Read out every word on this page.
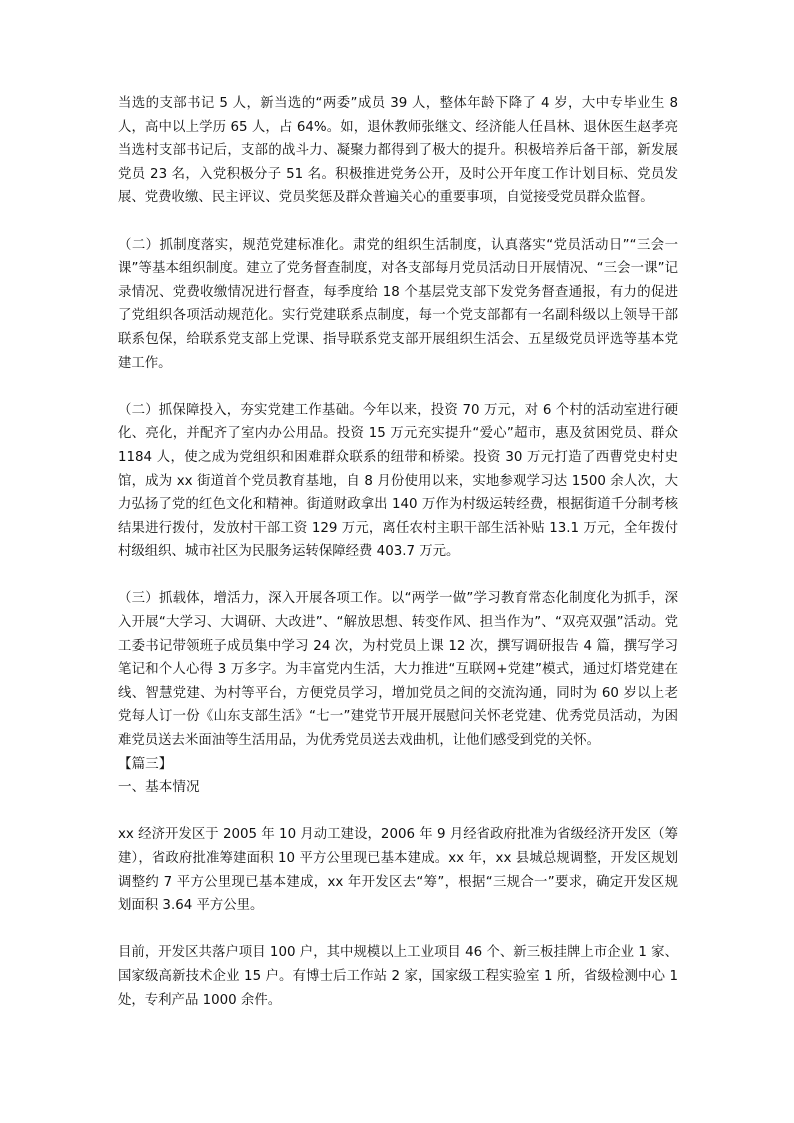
当选的支部书记 5 人，新当选的“两委”成员 39 人，整体年龄下降了 4 岁，大中专毕业生 8 人，高中以上学历 65 人，占 64%。如，退休教师张继文、经济能人任昌林、退休医生赵孝亮当选村支部书记后，支部的战斗力、凝聚力都得到了极大的提升。积极培养后备干部，新发展党员 23 名，入党积极分子 51 名。积极推进党务公开，及时公开年度工作计划目标、党员发展、党费收缴、民主评议、党员奖惩及群众普遍关心的重要事项，自觉接受党员群众监督。

（二）抓制度落实，规范党建标准化。肃党的组织生活制度，认真落实“党员活动日”“三会一课”等基本组织制度。建立了党务督查制度，对各支部每月党员活动日开展情况、“三会一课”记录情况、党费收缴情况进行督查，每季度给 18 个基层党支部下发党务督查通报，有力的促进了党组织各项活动规范化。实行党建联系点制度，每一个党支部都有一名副科级以上领导干部联系包保，给联系党支部上党课、指导联系党支部开展组织生活会、五星级党员评选等基本党建工作。

（二）抓保障投入，夯实党建工作基础。今年以来，投资 70 万元，对 6 个村的活动室进行硬化、亮化，并配齐了室内办公用品。投资 15 万元充实提升“爱心”超市，惠及贫困党员、群众 1184 人，使之成为党组织和困难群众联系的纽带和桥梁。投资 30 万元打造了西曹党史村史馆，成为 xx 街道首个党员教育基地，自 8 月份使用以来，实地参观学习达 1500 余人次，大力弘扬了党的红色文化和精神。街道财政拿出 140 万作为村级运转经费，根据街道千分制考核结果进行拨付，发放村干部工资 129 万元，离任农村主职干部生活补贴 13.1 万元，全年拨付村级组织、城市社区为民服务运转保障经费 403.7 万元。

（三）抓载体，增活力，深入开展各项工作。以“两学一做”学习教育常态化制度化为抓手，深入开展“大学习、大调研、大改进”、“解放思想、转变作风、担当作为”、“双亮双强”活动。党工委书记带领班子成员集中学习 24 次，为村党员上课 12 次，撰写调研报告 4 篇，撰写学习笔记和个人心得 3 万多字。为丰富党内生活，大力推进“互联网+党建”模式，通过灯塔党建在线、智慧党建、为村等平台，方便党员学习，增加党员之间的交流沟通，同时为 60 岁以上老党每人订一份《山东支部生活》“七一”建党节开展开展慰问关怀老党建、优秀党员活动，为困难党员送去米面油等生活用品，为优秀党员送去戏曲机，让他们感受到党的关怀。

【篇三】

一、基本情况

xx 经济开发区于 2005 年 10 月动工建设，2006 年 9 月经省政府批准为省级经济开发区（筹建），省政府批准筹建面积 10 平方公里现已基本建成。xx 年，xx 县城总规调整，开发区规划调整约 7 平方公里现已基本建成，xx 年开发区去“筹”，根据“三规合一”要求，确定开发区规划面积 3.64 平方公里。

目前，开发区共落户项目 100 户，其中规模以上工业项目 46 个、新三板挂牌上市企业 1 家、国家级高新技术企业 15 户。有博士后工作站 2 家，国家级工程实验室 1 所，省级检测中心 1 处，专利产品 1000 余件。
